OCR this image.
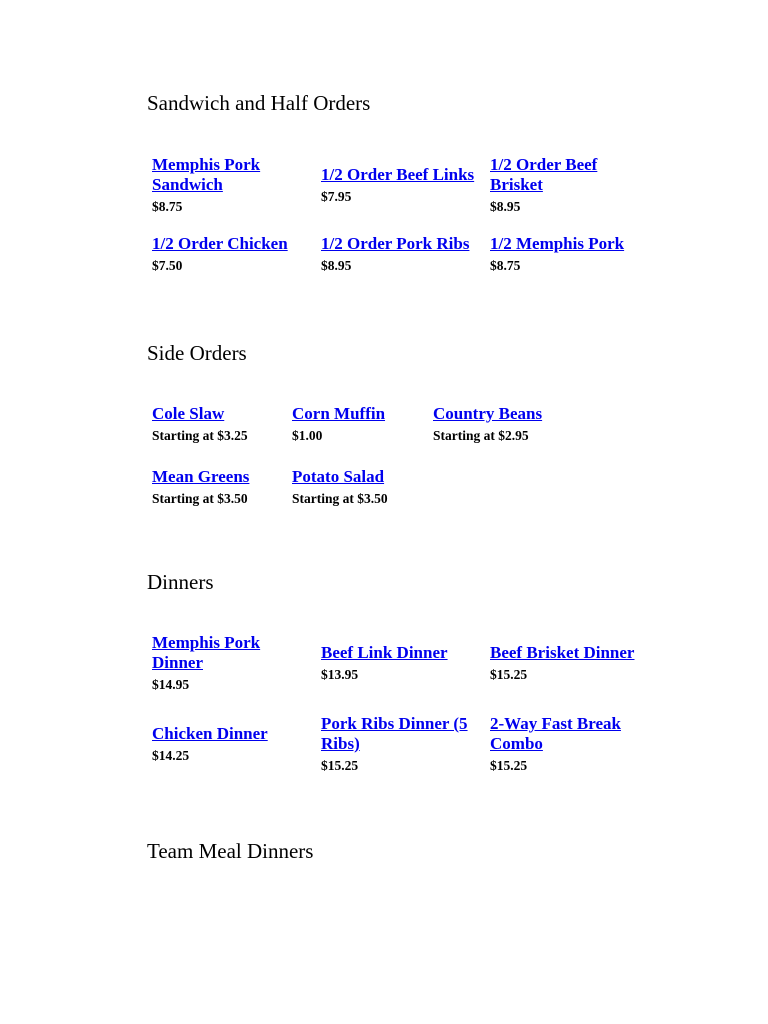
Sandwich and Half Orders
Memphis Pork Sandwich
$8.75
1/2 Order Beef Links
$7.95
1/2 Order Beef Brisket
$8.95
1/2 Order Chicken
$7.50
1/2 Order Pork Ribs
$8.95
1/2 Memphis Pork
$8.75
Side Orders
Cole Slaw
Starting at $3.25
Corn Muffin
$1.00
Country Beans
Starting at $2.95
Mean Greens
Starting at $3.50
Potato Salad
Starting at $3.50
Dinners
Memphis Pork Dinner
$14.95
Beef Link Dinner
$13.95
Beef Brisket Dinner
$15.25
Chicken Dinner
$14.25
Pork Ribs Dinner (5 Ribs)
$15.25
2-Way Fast Break Combo
$15.25
Team Meal Dinners
